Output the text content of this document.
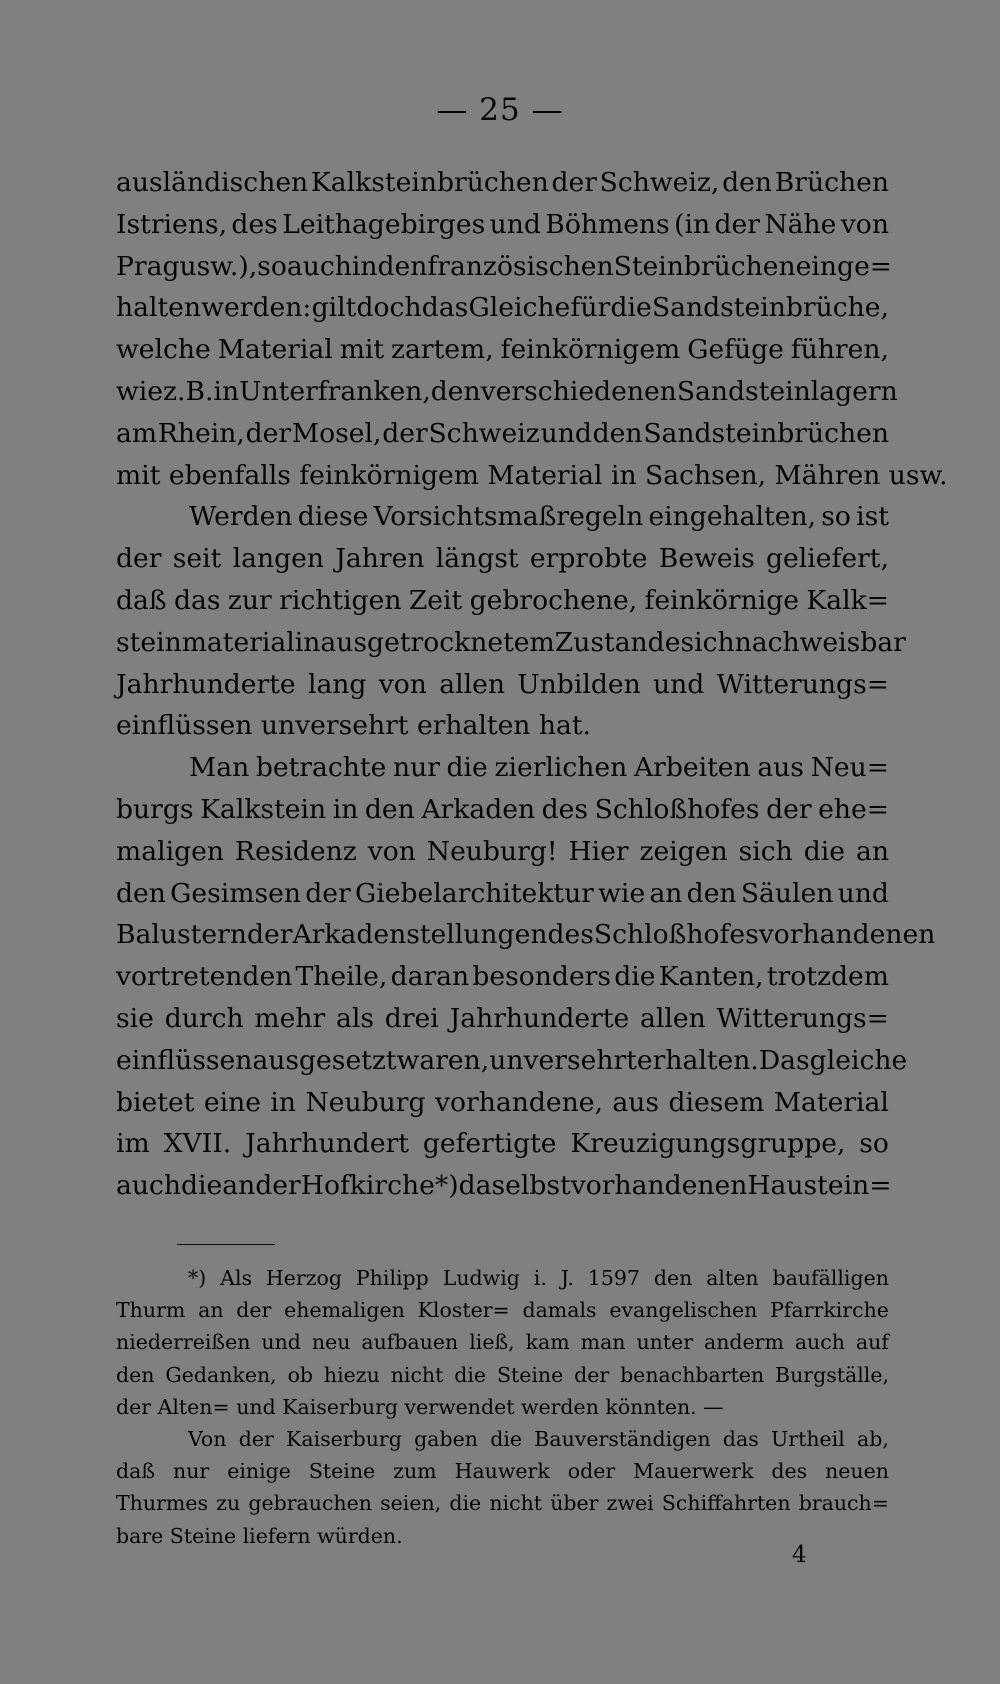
— 25 —
ausländischen Kalksteinbrüchen der Schweiz, den Brüchen
Istriens, des Leithagebirges und Böhmens (in der Nähe von
Prag usw.), so auch in den französischen Steinbrüchen einge=
halten werden: gilt doch das Gleiche für die Sandsteinbrüche,
welche Material mit zartem, feinkörnigem Gefüge führen,
wie z. B. in Unterfranken, den verschiedenen Sandsteinlagern
am Rhein, der Mosel, der Schweiz und den Sandsteinbrüchen
mit ebenfalls feinkörnigem Material in Sachsen, Mähren usw.
Werden diese Vorsichtsmaßregeln eingehalten, so ist
der seit langen Jahren längst erprobte Beweis geliefert,
daß das zur richtigen Zeit gebrochene, feinkörnige Kalk=
steinmaterial in ausgetrocknetem Zustande sich nachweisbar
Jahrhunderte lang von allen Unbilden und Witterungs=
einflüssen unversehrt erhalten hat.
Man betrachte nur die zierlichen Arbeiten aus Neu=
burgs Kalkstein in den Arkaden des Schloßhofes der ehe=
maligen Residenz von Neuburg! Hier zeigen sich die an
den Gesimsen der Giebelarchitektur wie an den Säulen und
Balustern der Arkadenstellungen des Schloßhofes vorhandenen
vortretenden Theile, daran besonders die Kanten, trotzdem
sie durch mehr als drei Jahrhunderte allen Witterungs=
einflüssen ausgesetzt waren, unversehrt erhalten. Das gleiche
bietet eine in Neuburg vorhandene, aus diesem Material
im XVII. Jahrhundert gefertigte Kreuzigungsgruppe, so
auch die an der Hofkirche*) daselbst vorhandenen Haustein=
*) Als Herzog Philipp Ludwig i. J. 1597 den alten baufälligen
Thurm an der ehemaligen Kloster= damals evangelischen Pfarrkirche
niederreißen und neu aufbauen ließ, kam man unter anderm auch auf
den Gedanken, ob hiezu nicht die Steine der benachbarten Burgställe,
der Alten= und Kaiserburg verwendet werden könnten. —
Von der Kaiserburg gaben die Bauverständigen das Urtheil ab,
daß nur einige Steine zum Hauwerk oder Mauerwerk des neuen
Thurmes zu gebrauchen seien, die nicht über zwei Schiffahrten brauch=
bare Steine liefern würden.
4
